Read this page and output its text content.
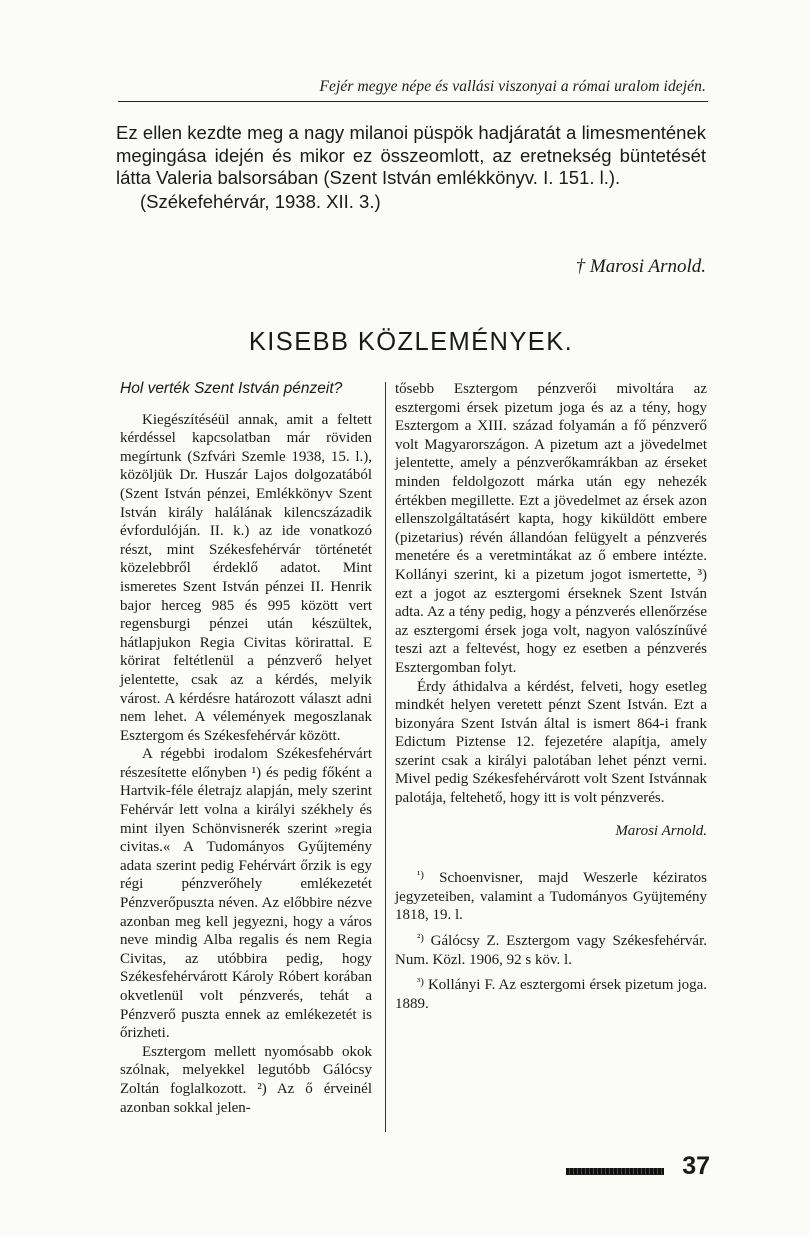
Fejér megye népe és vallási viszonyai a római uralom idején.

Ez ellen kezdte meg a nagy milanoi püspök hadjáratát a limesmentének megingása idején és mikor ez összeomlott, az eretnekség büntetését látta Valeria balsorsában (Szent István emlékkönyv. I. 151. l.).

(Székefehérvár, 1938. XII. 3.)

† Marosi Arnold.
KISEBB KÖZLEMÉNYEK.

Hol verték Szent István pénzeit?

Kiegészítéséül annak, amit a feltett kérdéssel kapcsolatban már röviden megírtunk (Szfvári Szemle 1938, 15. l.), közöljük Dr. Huszár Lajos dolgozatából (Szent István pénzei, Emlékkönyv Szent István király halálának kilencszázadik évfordulóján. II. k.) az ide vonatkozó részt, mint Székesfehérvár történetét közelebbről érdeklő adatot. Mint ismeretes Szent István pénzei II. Henrik bajor herceg 985 és 995 között vert regensburgi pénzei után készültek, hátlapjukon Regia Civitas körirattal. E körirat feltétlenül a pénzverő helyet jelentette, csak az a kérdés, melyik várost. A kérdésre határozott választ adni nem lehet. A vélemények megoszlanak Esztergom és Székesfehérvár között.

A régebbi irodalom Székesfehérvárt részesítette előnyben ¹) és pedig főként a Hartvik-féle életrajz alapján, mely szerint Fehérvár lett volna a királyi székhely és mint ilyen Schönvisnerék szerint »regia civitas.« A Tudományos Gyűjtemény adata szerint pedig Fehérvárt őrzik is egy régi pénzverőhely emlékezetét Pénzverőpuszta néven. Az előbbire nézve azonban meg kell jegyezni, hogy a város neve mindig Alba regalis és nem Regia Civitas, az utóbbira pedig, hogy Székesfehérvárott Károly Róbert korában okvetlenül volt pénzverés, tehát a Pénzverő puszta ennek az emlékezetét is őrizheti.

Esztergom mellett nyomósabb okok szólnak, melyekkel legutóbb Gálócsy Zoltán foglalkozott. ²) Az ő érveinél azonban sokkal jelen-

tősebb Esztergom pénzverői mivoltára az esztergomi érsek pizetum joga és az a tény, hogy Esztergom a XIII. század folyamán a fő pénzverő volt Magyarországon. A pizetum azt a jövedelmet jelentette, amely a pénzverőkamrákban az érseket minden feldolgozott márka után egy nehezék értékben megillette. Ezt a jövedelmet az érsek azon ellenszolgáltatásért kapta, hogy kiküldött embere (pizetarius) révén állandóan felügyelt a pénzverés menetére és a veretmintákat az ő embere intézte. Kollányi szerint, ki a pizetum jogot ismertette, ³) ezt a jogot az esztergomi érseknek Szent István adta. Az a tény pedig, hogy a pénzverés ellenőrzése az esztergomi érsek joga volt, nagyon valószínűvé teszi azt a feltevést, hogy ez esetben a pénzverés Esztergomban folyt.

Érdy áthidalva a kérdést, felveti, hogy esetleg mindkét helyen veretett pénzt Szent István. Ezt a bizonyára Szent István által is ismert 864-i frank Edictum Piztense 12. fejezetére alapítja, amely szerint csak a királyi palotában lehet pénzt verni. Mivel pedig Székesfehérvárott volt Szent Istvánnak palotája, feltehető, hogy itt is volt pénzverés.

Marosi Arnold.

$^{^1)}$ Schoenvisner, majd Weszerle kéziratos jegyzeteiben, valamint a Tudományos Gyüjtemény 1818, 19. l.

$^{^2)}$ Gálócsy Z. Esztergom vagy Székesfehérvár. Num. Közl. 1906, 92 s köv. l.

$^{^3)}$ Kollányi F. Az esztergomi érsek pizetum joga. 1889.

37
